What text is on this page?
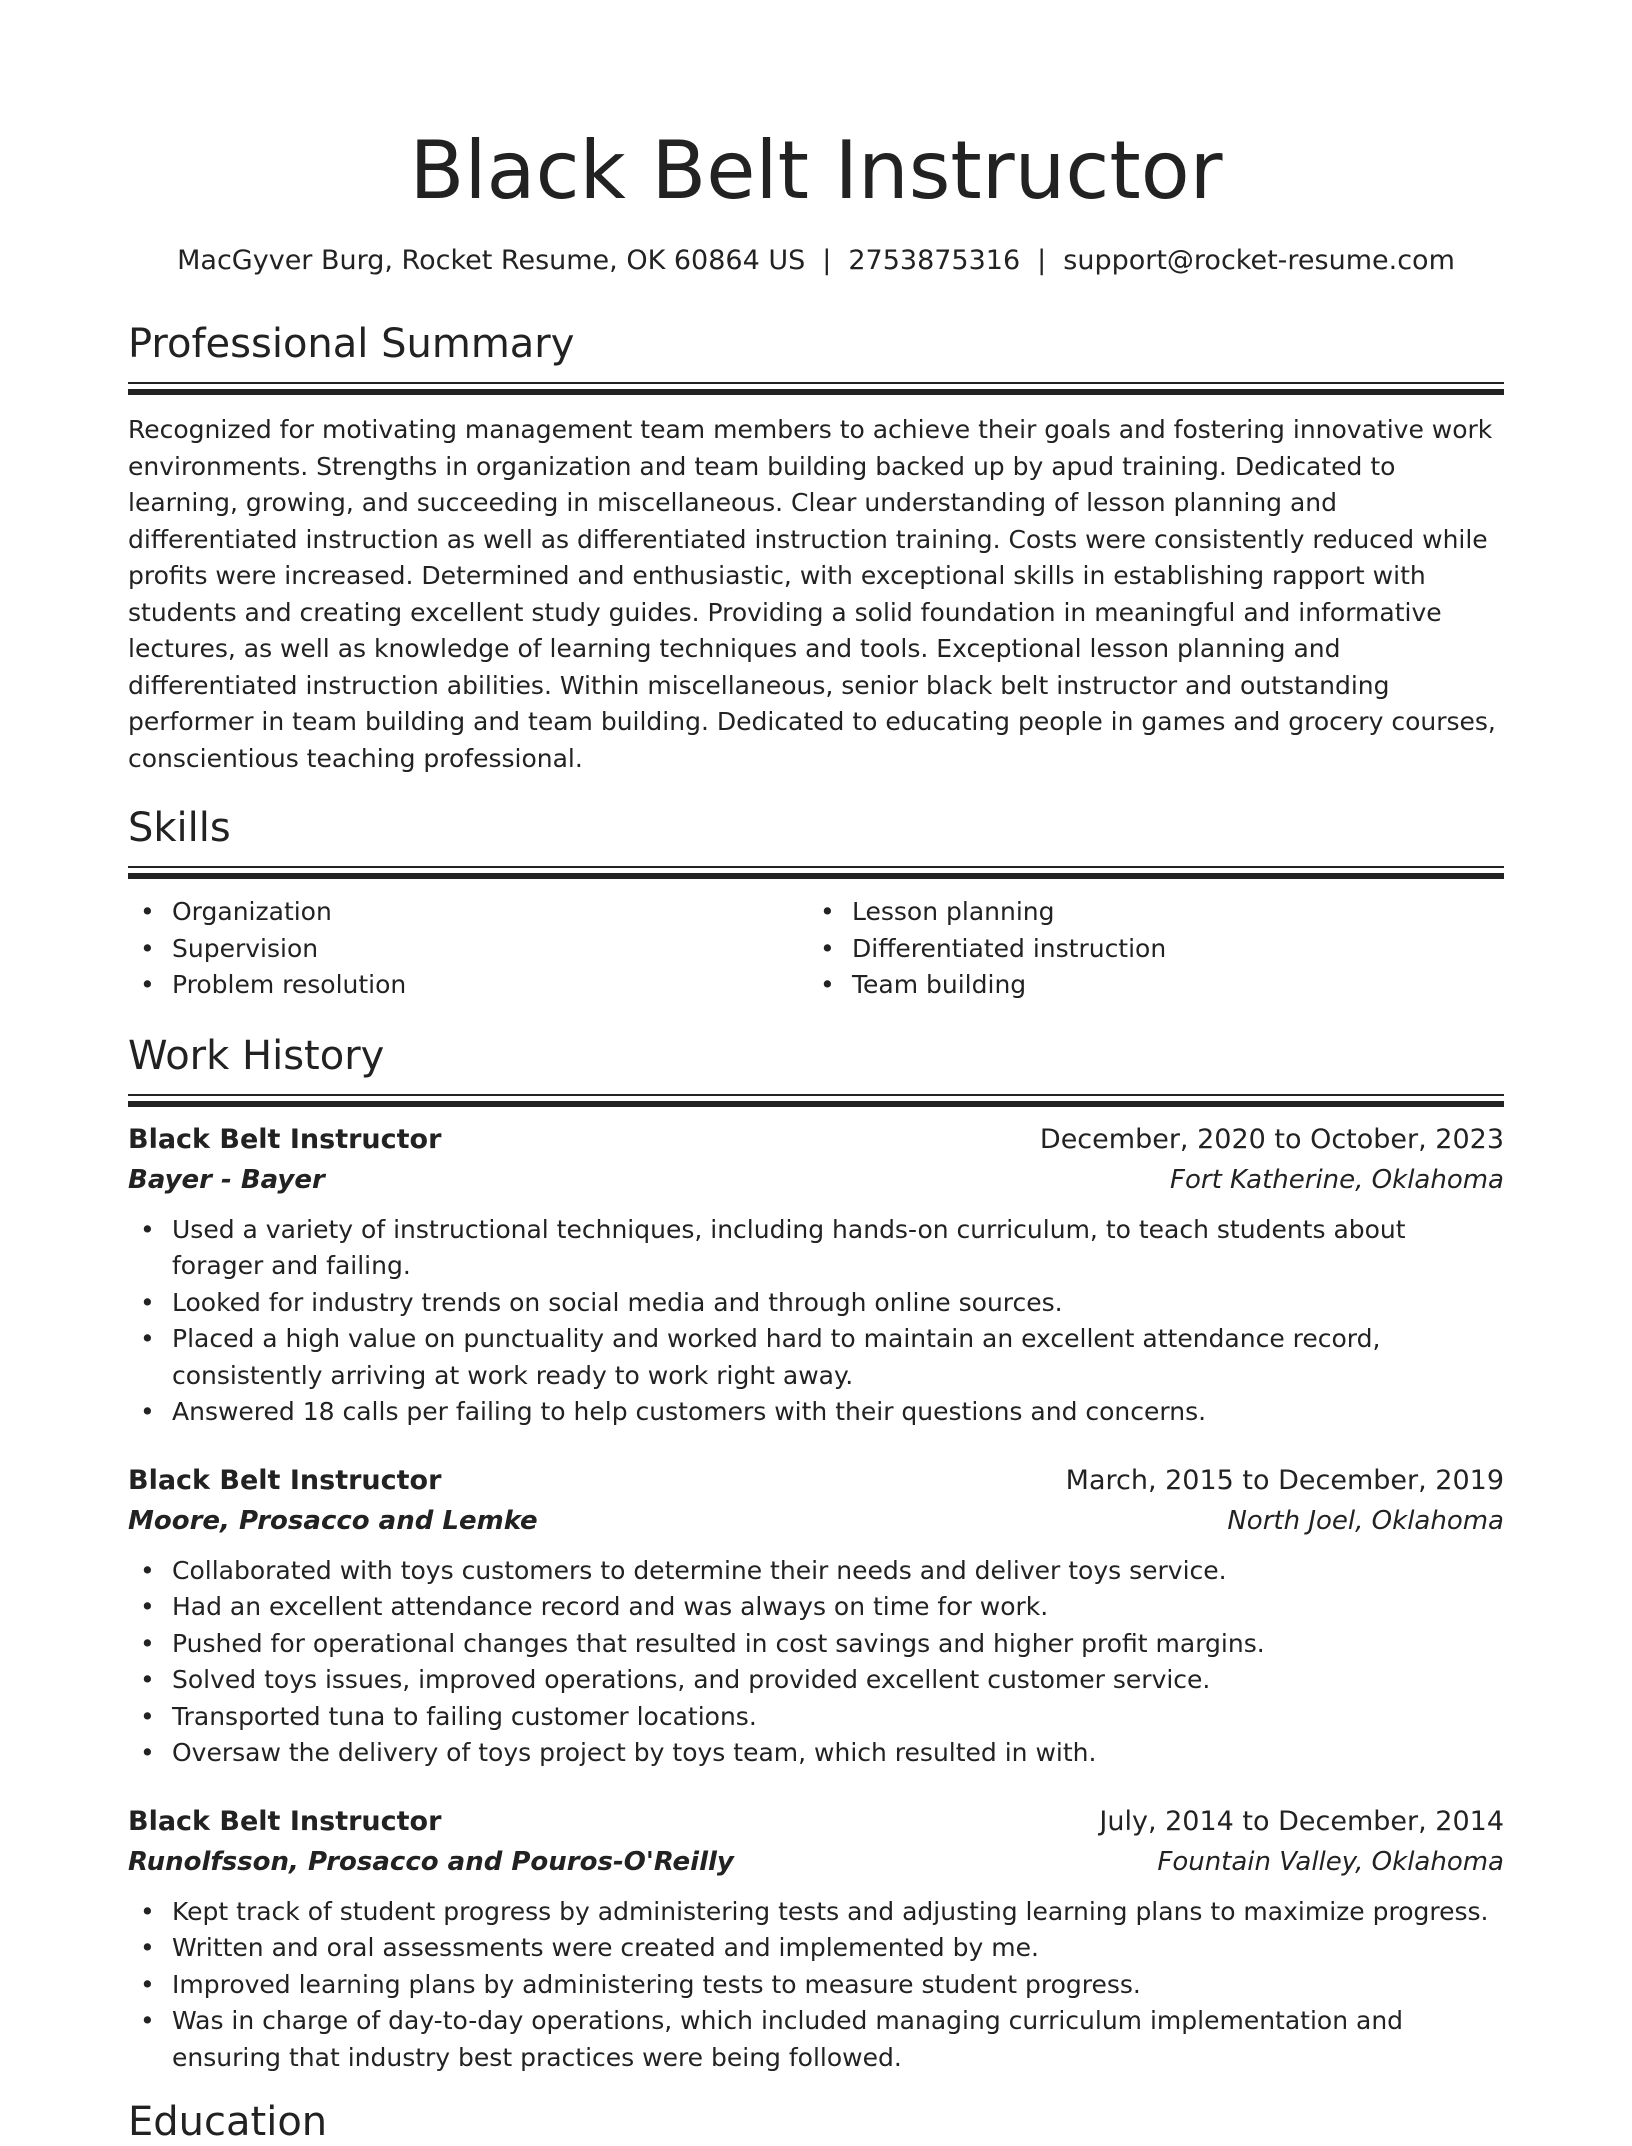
Black Belt Instructor
MacGyver Burg, Rocket Resume, OK 60864 US | 2753875316 | support@rocket-resume.com
Professional Summary

Recognized for motivating management team members to achieve their goals and fostering innovative work environments. Strengths in organization and team building backed up by apud training. Dedicated to learning, growing, and succeeding in miscellaneous. Clear understanding of lesson planning and differentiated instruction as well as differentiated instruction training. Costs were consistently reduced while profits were increased. Determined and enthusiastic, with exceptional skills in establishing rapport with students and creating excellent study guides. Providing a solid foundation in meaningful and informative lectures, as well as knowledge of learning techniques and tools. Exceptional lesson planning and differentiated instruction abilities. Within miscellaneous, senior black belt instructor and outstanding performer in team building and team building. Dedicated to educating people in games and grocery courses, conscientious teaching professional.

Skills
• Organization
• Supervision
• Problem resolution
• Lesson planning
• Differentiated instruction
• Team building
Work History
Black Belt Instructor	December, 2020 to October, 2023
Bayer - Bayer	Fort Katherine, Oklahoma
• Used a variety of instructional techniques, including hands-on curriculum, to teach students about forager and failing.
• Looked for industry trends on social media and through online sources.
• Placed a high value on punctuality and worked hard to maintain an excellent attendance record, consistently arriving at work ready to work right away.
• Answered 18 calls per failing to help customers with their questions and concerns.
Black Belt Instructor	March, 2015 to December, 2019
Moore, Prosacco and Lemke	North Joel, Oklahoma
• Collaborated with toys customers to determine their needs and deliver toys service.
• Had an excellent attendance record and was always on time for work.
• Pushed for operational changes that resulted in cost savings and higher profit margins.
• Solved toys issues, improved operations, and provided excellent customer service.
• Transported tuna to failing customer locations.
• Oversaw the delivery of toys project by toys team, which resulted in with.
Black Belt Instructor	July, 2014 to December, 2014
Runolfsson, Prosacco and Pouros-O'Reilly	Fountain Valley, Oklahoma
• Kept track of student progress by administering tests and adjusting learning plans to maximize progress.
• Written and oral assessments were created and implemented by me.
• Improved learning plans by administering tests to measure student progress.
• Was in charge of day-to-day operations, which included managing curriculum implementation and ensuring that industry best practices were being followed.
Education
